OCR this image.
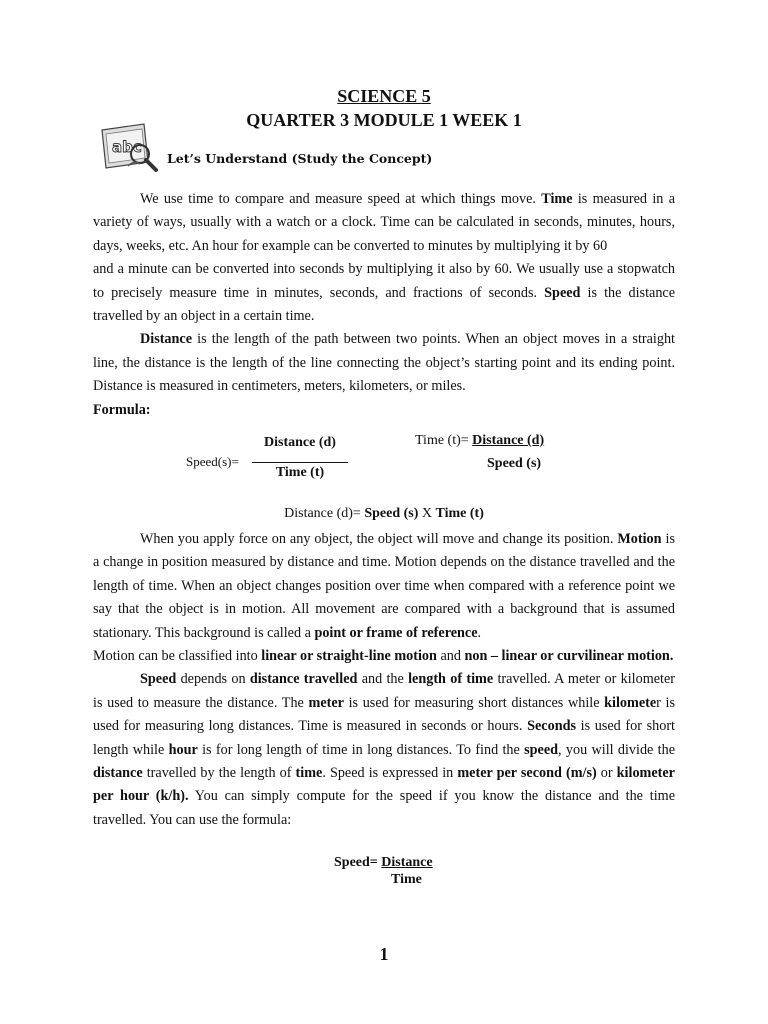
SCIENCE 5
QUARTER 3 MODULE 1 WEEK 1
abc
Let’s Understand (Study the Concept)

We use time to compare and measure speed at which things move. Time is measured in a variety of ways, usually with a watch or a clock. Time can be calculated in seconds, minutes, hours, days, weeks, etc. An hour for example can be converted to minutes by multiplying it by 60

and a minute can be converted into seconds by multiplying it also by 60. We usually use a stopwatch to precisely measure time in minutes, seconds, and fractions of seconds. Speed is the distance travelled by an object in a certain time.

Distance is the length of the path between two points. When an object moves in a straight line, the distance is the length of the line connecting the object’s starting point and its ending point. Distance is measured in centimeters, meters, kilometers, or miles.

Formula:

Speed(s)=
Distance (d)
Time (t)
Time (t)= Distance (d)
Speed (s)
Distance (d)= Speed (s) X Time (t)

When you apply force on any object, the object will move and change its position. Motion is a change in position measured by distance and time. Motion depends on the distance travelled and the length of time. When an object changes position over time when compared with a reference point we say that the object is in motion. All movement are compared with a background that is assumed stationary. This background is called a point or frame of reference.

Motion can be classified into linear or straight-line motion and non – linear or curvilinear motion.

Speed depends on distance travelled and the length of time travelled. A meter or kilometer is used to measure the distance. The meter is used for measuring short distances while kilometer is used for measuring long distances. Time is measured in seconds or hours. Seconds is used for short length while hour is for long length of time in long distances. To find the speed, you will divide the distance travelled by the length of time. Speed is expressed in meter per second (m/s) or kilometer per hour (k/h). You can simply compute for the speed if you know the distance and the time travelled. You can use the formula:

Speed= Distance
Time
1
